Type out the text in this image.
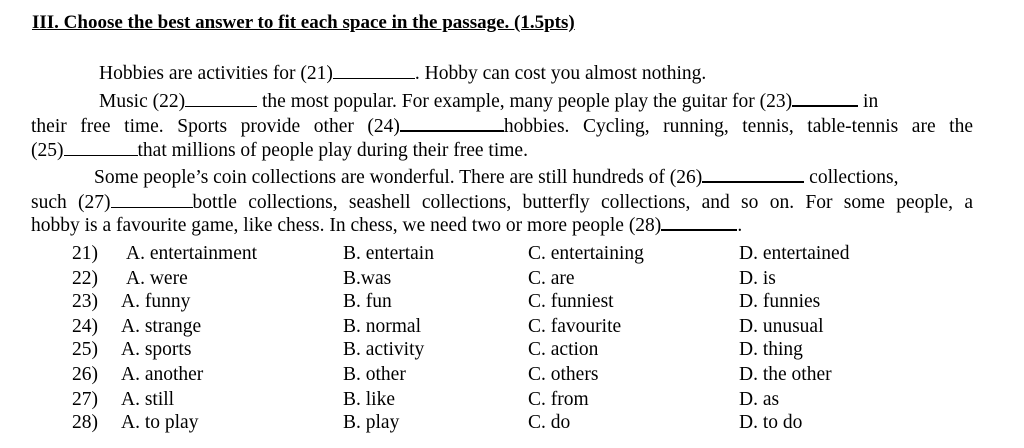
III. Choose the best answer to fit each space in the passage. (1.5pts)
Hobbies are activities for (21)	. Hobby can cost you almost nothing.
Music (22)	the most popular. For example, many people play the guitar for (23)	in
their free time. Sports provide other (24)	hobbies. Cycling, running, tennis, table-tennis are the
(25)	that millions of people play during their free time.
Some people’s coin collections are wonderful. There are still hundreds of (26)	collections,
such (27)	bottle collections, seashell collections, butterfly collections, and so on. For some people, a
hobby is a favourite game, like chess. In chess, we need two or more people (28)	.
21) A. entertainment	B. entertain	C. entertaining	D. entertained
22) A. were	B.was	C. are	D. is
23) A. funny	B. fun	C. funniest	D. funnies
24) A. strange	B. normal	C. favourite	D. unusual
25) A. sports	B. activity	C. action	D. thing
26) A. another	B. other	C. others	D. the other
27) A. still	B. like	C. from	D. as
28) A. to play	B. play	C. do	D. to do
